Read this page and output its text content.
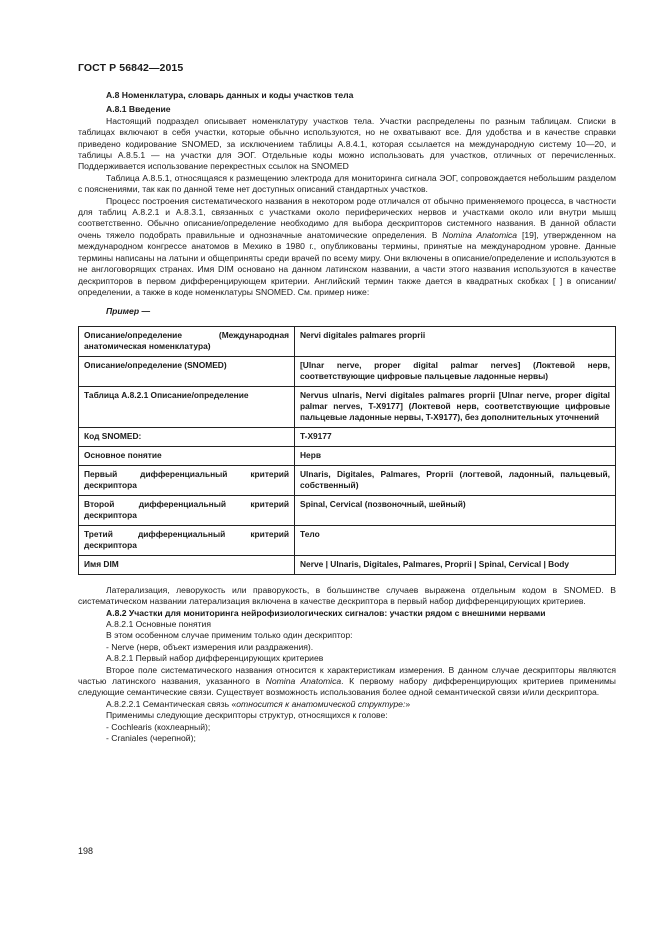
ГОСТ Р 56842—2015
А.8 Номенклатура, словарь данных и коды участков тела
А.8.1 Введение

Настоящий подраздел описывает номенклатуру участков тела. Участки распределены по разным таблицам. Списки в таблицах включают в себя участки, которые обычно используются, но не охватывают все. Для удобства и в качестве справки приведено кодирование SNOMED, за исключением таблицы А.8.4.1, которая ссылается на международную систему 10—20, и таблицы А.8.5.1 — на участки для ЭОГ. Отдельные коды можно использовать для участков, отличных от перечисленных. Поддерживается использование перекрестных ссылок на SNOMED

Таблица А.8.5.1, относящаяся к размещению электрода для мониторинга сигнала ЭОГ, сопровождается небольшим разделом с пояснениями, так как по данной теме нет доступных описаний стандартных участков.

Процесс построения систематического названия в некотором роде отличался от обычно применяемого процесса, в частности для таблиц А.8.2.1 и А.8.3.1, связанных с участками около периферических нервов и участками около или внутри мышц соответственно. Обычно описание/определение необходимо для выбора дескрипторов системного названия. В данной области очень тяжело подобрать правильные и однозначные анатомические определения. В Nomina Anatomica [19], утвержденном на международном конгрессе анатомов в Мехико в 1980 г., опубликованы термины, принятые на международном уровне. Данные термины написаны на латыни и общеприняты среди врачей по всему миру. Они включены в описание/определение и используются в не англоговорящих странах. Имя DIM основано на данном латинском названии, а части этого названия используются в качестве дескрипторов в первом дифференцирующем критерии. Английский термин также дается в квадратных скобках [ ] в описании/определении, а также в коде номенклатуры SNOMED. См. пример ниже:

Пример —
Описание/определение (Международная анатомическая номенклатура)	Nervi digitales palmares proprii
Описание/определение (SNOMED)	[Ulnar nerve, proper digital palmar nerves] (Локтевой нерв, соответствующие цифровые пальцевые ладонные нервы)
Таблица А.8.2.1 Описание/определение	Nervus ulnaris, Nervi digitales palmares proprii [Ulnar nerve, proper digital palmar nerves, T-X9177] (Локтевой нерв, соответствующие цифровые пальцевые ладонные нервы, T-X9177), без дополнительных уточнений
Код SNOMED:	T-X9177
Основное понятие	Нерв
Первый дифференциальный критерий дескриптора	Ulnaris, Digitales, Palmares, Proprii (логтевой, ладонный, пальцевый, собственный)
Второй дифференциальный критерий дескриптора	Spinal, Cervical (позвоночный, шейный)
Третий дифференциальный критерий дескриптора	Тело
Имя DIM	Nerve | Ulnaris, Digitales, Palmares, Proprii | Spinal, Cervical | Body

Латерализация, леворукость или праворукость, в большинстве случаев выражена отдельным кодом в SNOMED. В систематическом названии латерализация включена в качестве дескриптора в первый набор дифференцирующих критериев.

А.8.2 Участки для мониторинга нейрофизиологических сигналов: участки рядом с внешними нервами

А.8.2.1 Основные понятия

В этом особенном случае применим только один дескриптор:

- Nerve (нерв, объект измерения или раздражения).

А.8.2.1 Первый набор дифференцирующих критериев

Второе поле систематического названия относится к характеристикам измерения. В данном случае дескрипторы являются частью латинского названия, указанного в Nomina Anatomica. К первому набору дифференцирующих критериев применимы следующие семантические связи. Существует возможность использования более одной семантической связи и/или дескриптора.

А.8.2.2.1 Семантическая связь «относится к анатомической структуре:»

Применимы следующие дескрипторы структур, относящихся к голове:

- Cochlearis (кохлеарный);

- Craniales (черепной);

198
